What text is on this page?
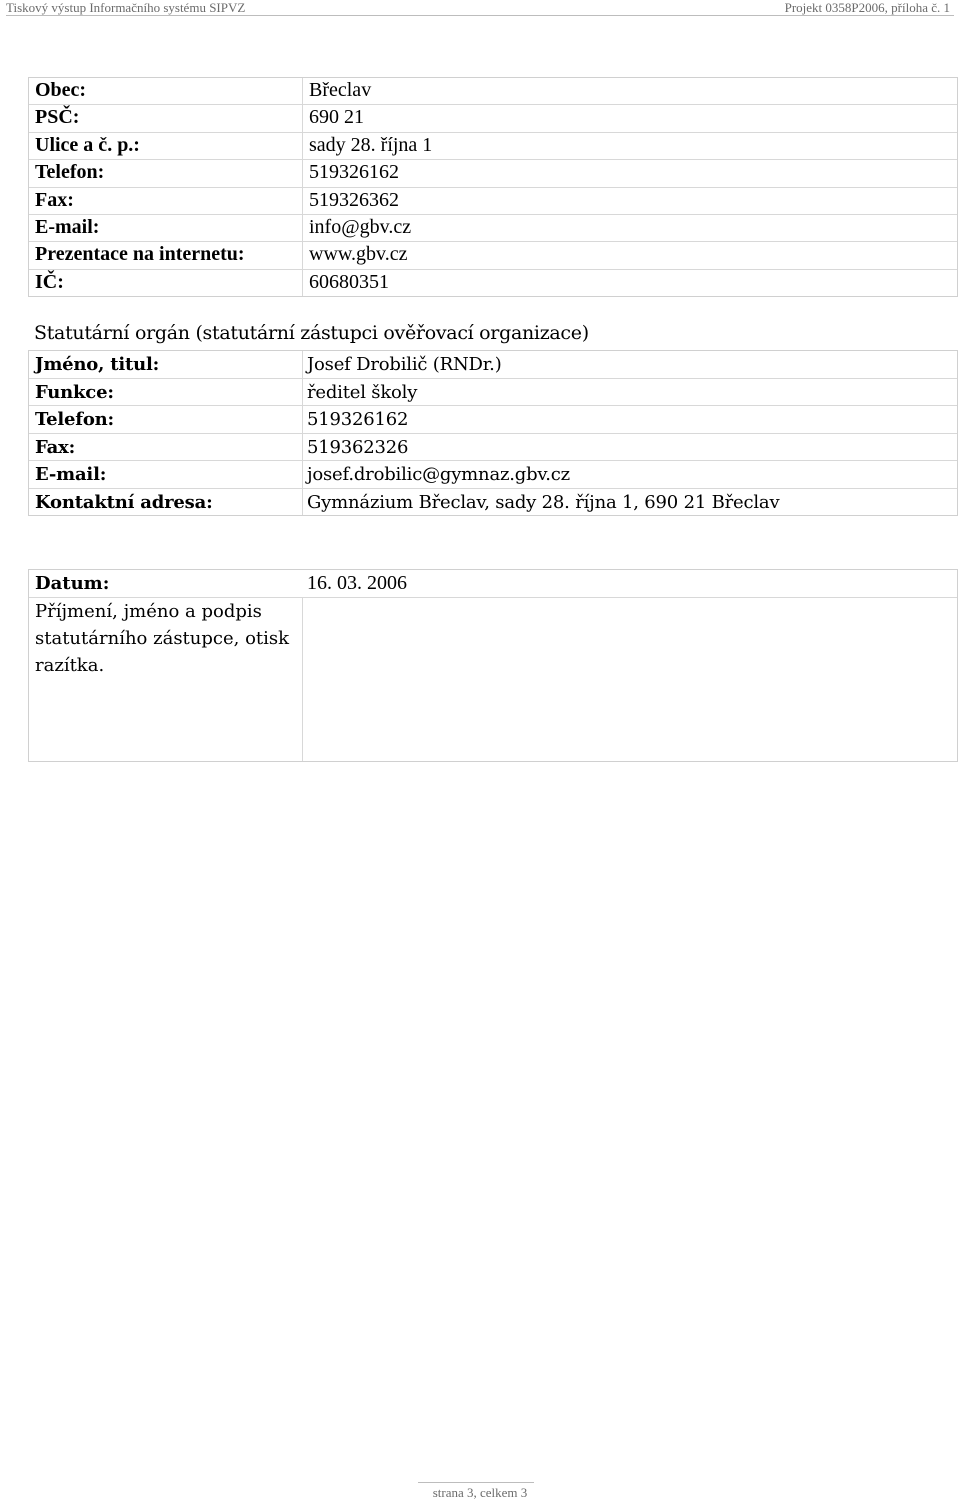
Tiskový výstup Informačního systému SIPVZ	Projekt 0358P2006, příloha č. 1
Obec:	Břeclav
PSČ:	690 21
Ulice a č. p.:	sady 28. října 1
Telefon:	519326162
Fax:	519326362
E-mail:	info@gbv.cz
Prezentace na internetu:	www.gbv.cz
IČ:	60680351
Statutární orgán (statutární zástupci ověřovací organizace)
Jméno, titul:	Josef Drobilič (RNDr.)
Funkce:	ředitel školy
Telefon:	519326162
Fax:	519362326
E-mail:	josef.drobilic@gymnaz.gbv.cz
Kontaktní adresa:	Gymnázium Břeclav, sady 28. října 1, 690 21 Břeclav
Datum:	16. 03. 2006
Příjmení, jméno a podpis statutárního zástupce, otisk razítka.
strana 3, celkem 3
